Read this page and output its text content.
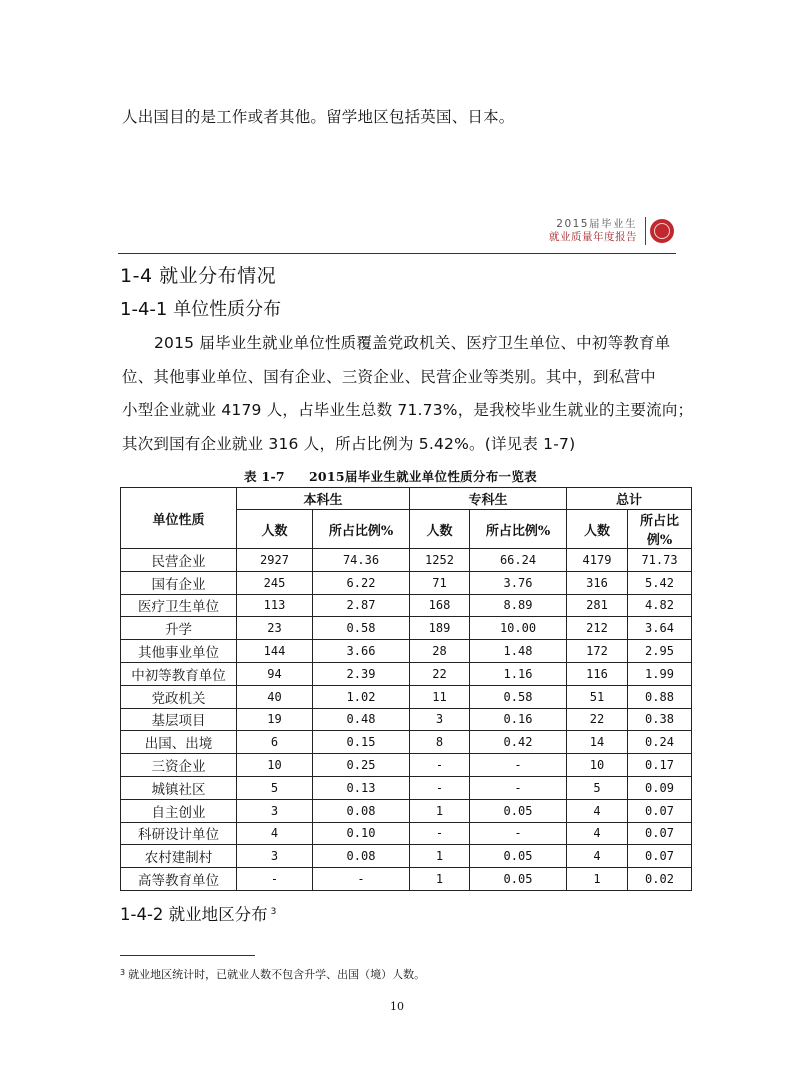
人出国目的是工作或者其他。留学地区包括英国、日本。
2015届毕业生
就业质量年度报告
1-4 就业分布情况
1-4-1 单位性质分布
2015 届毕业生就业单位性质覆盖党政机关、医疗卫生单位、中初等教育单
位、其他事业单位、国有企业、三资企业、民营企业等类别。其中，到私营中
小型企业就业 4179 人，占毕业生总数 71.73%，是我校毕业生就业的主要流向；
其次到国有企业就业 316 人，所占比例为 5.42%。(详见表 1-7)
表 1-7 2015届毕业生就业单位性质分布一览表
单位性质	本科生		专科生		总计	
	人数	所占比例%	人数	所占比例%	人数	所占比例%
民营企业	2927	74.36	1252	66.24	4179	71.73
国有企业	245	6.22	71	3.76	316	5.42
医疗卫生单位	113	2.87	168	8.89	281	4.82
升学	23	0.58	189	10.00	212	3.64
其他事业单位	144	3.66	28	1.48	172	2.95
中初等教育单位	94	2.39	22	1.16	116	1.99
党政机关	40	1.02	11	0.58	51	0.88
基层项目	19	0.48	3	0.16	22	0.38
出国、出境	6	0.15	8	0.42	14	0.24
三资企业	10	0.25	-	-	10	0.17
城镇社区	5	0.13	-	-	5	0.09
自主创业	3	0.08	1	0.05	4	0.07
科研设计单位	4	0.10	-	-	4	0.07
农村建制村	3	0.08	1	0.05	4	0.07
高等教育单位	-	-	1	0.05	1	0.02
1-4-2 就业地区分布 $^3$
$^3$ 就业地区统计时，已就业人数不包含升学、出国（境）人数。
10
